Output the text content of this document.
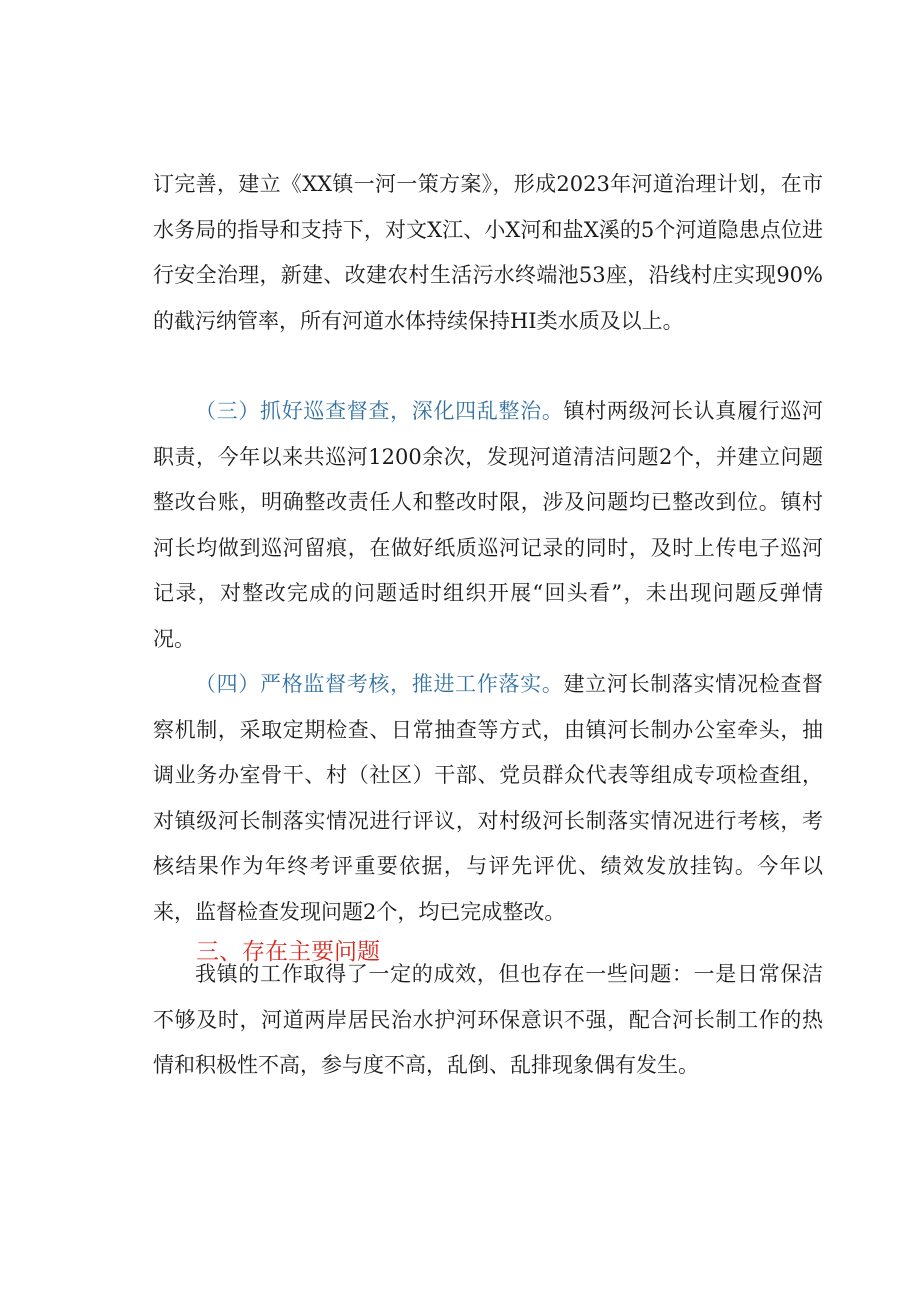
订完善，建立《XX镇一河一策方案》，形成2023年河道治理计划，在市水务局的指导和支持下，对文X江、小X河和盐X溪的5个河道隐患点位进行安全治理，新建、改建农村生活污水终端池53座，沿线村庄实现90%的截污纳管率，所有河道水体持续保持HI类水质及以上。

（三）抓好巡查督查，深化四乱整治。镇村两级河长认真履行巡河职责，今年以来共巡河1200余次，发现河道清洁问题2个，并建立问题整改台账，明确整改责任人和整改时限，涉及问题均已整改到位。镇村河长均做到巡河留痕，在做好纸质巡河记录的同时，及时上传电子巡河记录，对整改完成的问题适时组织开展“回头看”，未出现问题反弹情况。

（四）严格监督考核，推进工作落实。建立河长制落实情况检查督察机制，采取定期检查、日常抽查等方式，由镇河长制办公室牵头，抽调业务办室骨干、村（社区）干部、党员群众代表等组成专项检查组，对镇级河长制落实情况进行评议，对村级河长制落实情况进行考核，考核结果作为年终考评重要依据，与评先评优、绩效发放挂钩。今年以来，监督检查发现问题2个，均已完成整改。

三、存在主要问题

我镇的工作取得了一定的成效，但也存在一些问题：一是日常保洁不够及时，河道两岸居民治水护河环保意识不强，配合河长制工作的热情和积极性不高，参与度不高，乱倒、乱排现象偶有发生。
